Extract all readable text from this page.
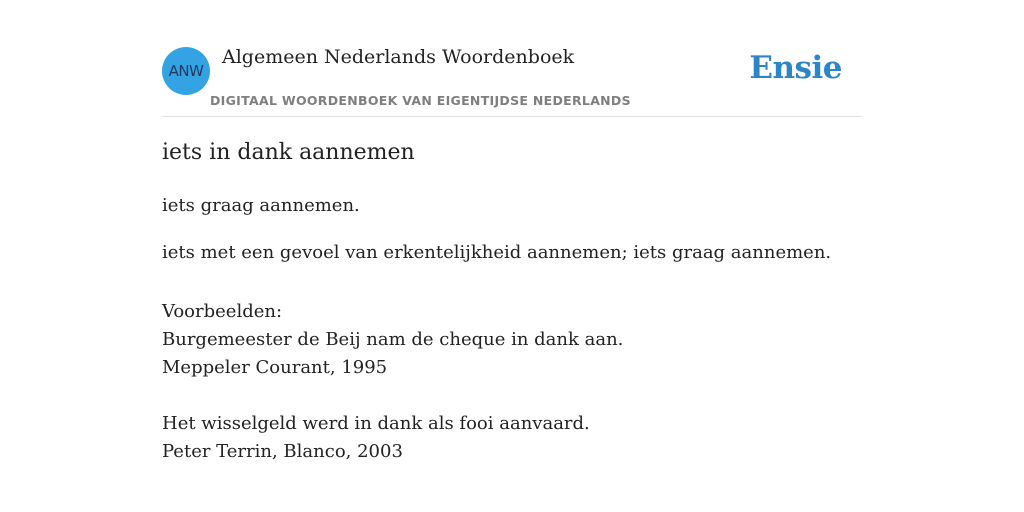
ANW
Algemeen Nederlands Woordenboek
DIGITAAL WOORDENBOEK VAN EIGENTIJDSE NEDERLANDS
Ensie
iets in dank aannemen
iets graag aannemen.
iets met een gevoel van erkentelijkheid aannemen; iets graag aannemen.
Voorbeelden:
Burgemeester de Beij nam de cheque in dank aan.
Meppeler Courant, 1995
Het wisselgeld werd in dank als fooi aanvaard.
Peter Terrin, Blanco, 2003
